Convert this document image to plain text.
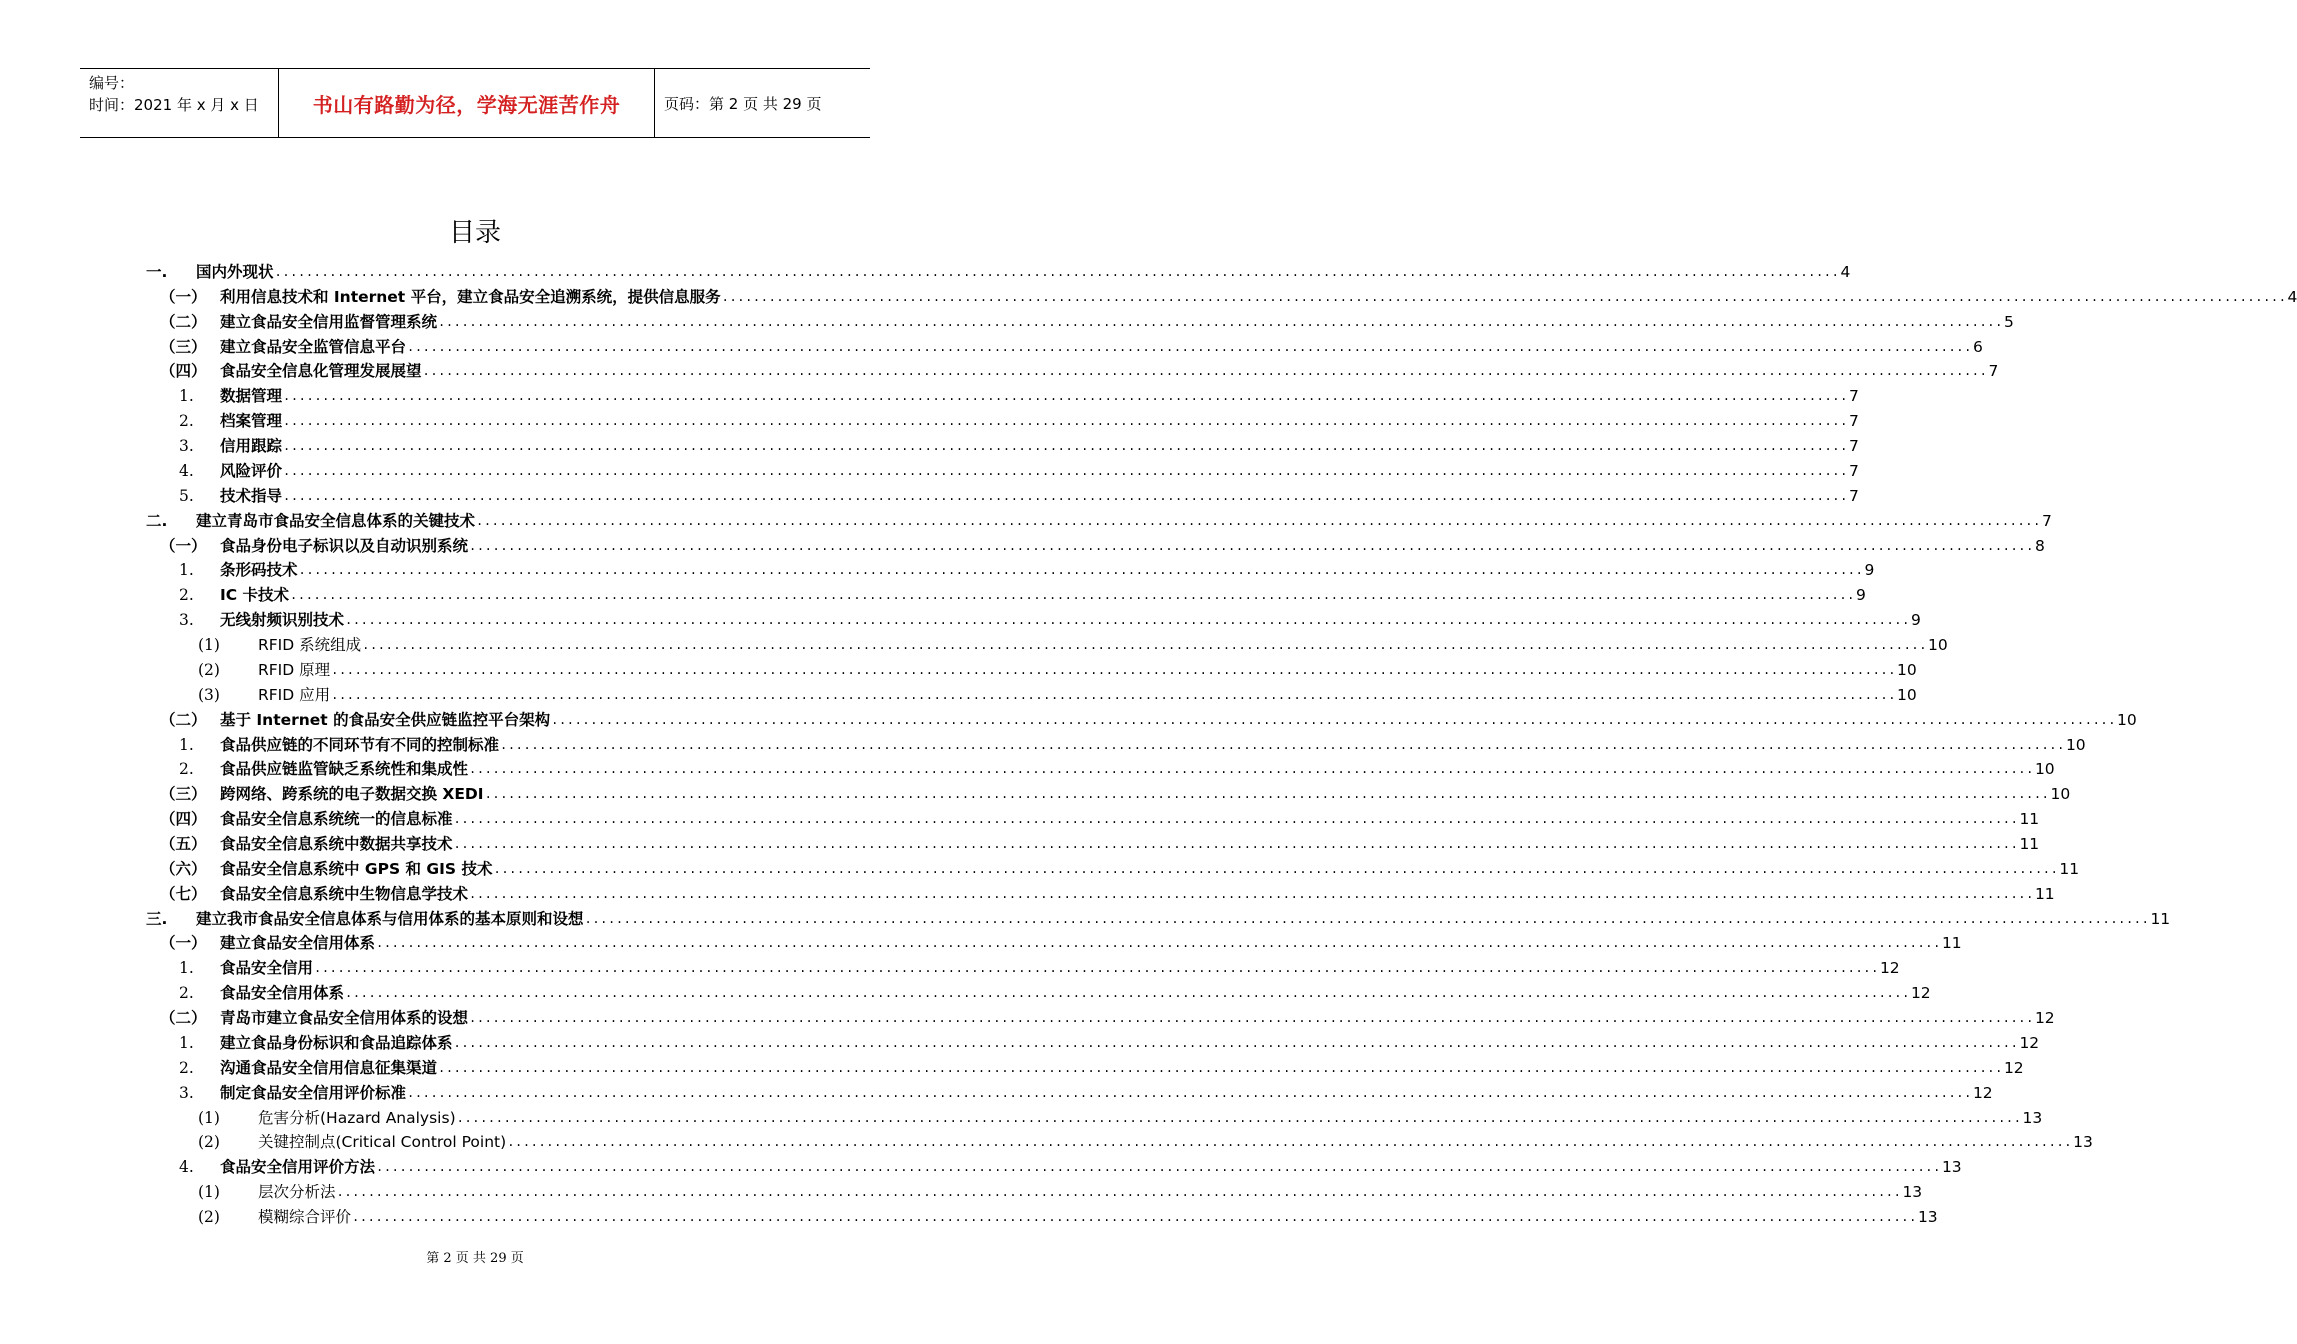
编号：
时间：2021 年 x 月 x 日	书山有路勤为径，学海无涯苦作舟	页码：第 2 页 共 29 页
目录
一.	国内外现状 ........................................................................................................................................................................................................ 4
（一） 利用信息技术和 Internet 平台，建立食品安全追溯系统，提供信息服务 ........................................................................................................................................................................................................ 4
（二） 建立食品安全信用监督管理系统 ........................................................................................................................................................................................................ 5
（三） 建立食品安全监管信息平台 ........................................................................................................................................................................................................ 6
（四） 食品安全信息化管理发展展望 ........................................................................................................................................................................................................ 7
1.	数据管理 ........................................................................................................................................................................................................ 7
2.	档案管理 ........................................................................................................................................................................................................ 7
3.	信用跟踪 ........................................................................................................................................................................................................ 7
4.	风险评价 ........................................................................................................................................................................................................ 7
5.	技术指导 ........................................................................................................................................................................................................ 7
二.	建立青岛市食品安全信息体系的关键技术 ........................................................................................................................................................................................................ 7
（一） 食品身份电子标识以及自动识别系统 ........................................................................................................................................................................................................ 8
1.	条形码技术 ........................................................................................................................................................................................................ 9
2.	IC 卡技术 ........................................................................................................................................................................................................ 9
3.	无线射频识别技术 ........................................................................................................................................................................................................ 9
(1)	RFID 系统组成 ........................................................................................................................................................................................................ 10
(2)	RFID 原理 ........................................................................................................................................................................................................ 10
(3)	RFID 应用 ........................................................................................................................................................................................................ 10
（二） 基于 Internet 的食品安全供应链监控平台架构 ........................................................................................................................................................................................................ 10
1.	食品供应链的不同环节有不同的控制标准 ........................................................................................................................................................................................................ 10
2.	食品供应链监管缺乏系统性和集成性 ........................................................................................................................................................................................................ 10
（三） 跨网络、跨系统的电子数据交换 XEDI ........................................................................................................................................................................................................ 10
（四） 食品安全信息系统统一的信息标准 ........................................................................................................................................................................................................ 11
（五） 食品安全信息系统中数据共享技术 ........................................................................................................................................................................................................ 11
（六） 食品安全信息系统中 GPS 和 GIS 技术 ........................................................................................................................................................................................................ 11
（七） 食品安全信息系统中生物信息学技术 ........................................................................................................................................................................................................ 11
三.	建立我市食品安全信息体系与信用体系的基本原则和设想 ........................................................................................................................................................................................................ 11
（一） 建立食品安全信用体系 ........................................................................................................................................................................................................ 11
1.	食品安全信用 ........................................................................................................................................................................................................ 12
2.	食品安全信用体系 ........................................................................................................................................................................................................ 12
（二） 青岛市建立食品安全信用体系的设想 ........................................................................................................................................................................................................ 12
1.	建立食品身份标识和食品追踪体系 ........................................................................................................................................................................................................ 12
2.	沟通食品安全信用信息征集渠道 ........................................................................................................................................................................................................ 12
3.	制定食品安全信用评价标准 ........................................................................................................................................................................................................ 12
(1)	危害分析(Hazard Analysis) ........................................................................................................................................................................................................ 13
(2)	关键控制点(Critical Control Point) ........................................................................................................................................................................................................ 13
4.	食品安全信用评价方法 ........................................................................................................................................................................................................ 13
(1)	层次分析法 ........................................................................................................................................................................................................ 13
(2)	模糊综合评价 ........................................................................................................................................................................................................ 13
第 2 页 共 29 页
